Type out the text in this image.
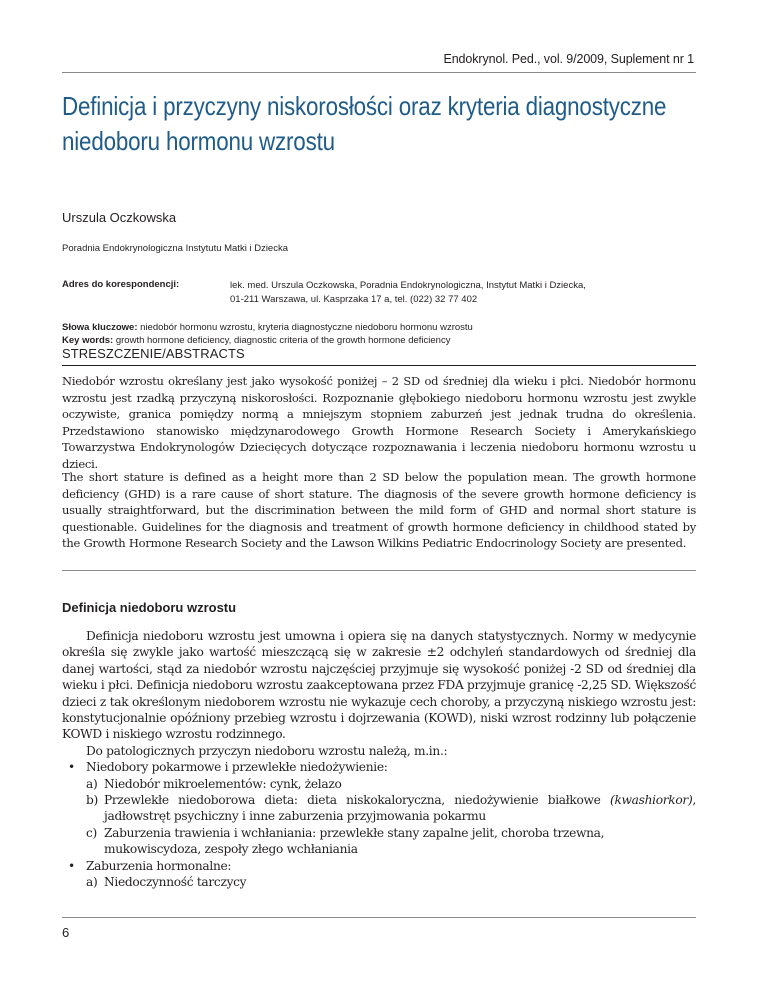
Endokrynol. Ped., vol. 9/2009, Suplement nr 1
Definicja i przyczyny niskorosłości oraz kryteria diagnostyczne
niedoboru hormonu wzrostu
Urszula Oczkowska
Poradnia Endokrynologiczna Instytutu Matki i Dziecka
Adres do korespondencji:	lek. med. Urszula Oczkowska, Poradnia Endokrynologiczna, Instytut Matki i Dziecka,
01-211 Warszawa, ul. Kasprzaka 17 a, tel. (022) 32 77 402
Słowa kluczowe: niedobór hormonu wzrostu, kryteria diagnostyczne niedoboru hormonu wzrostu
Key words: growth hormone deficiency, diagnostic criteria of the growth hormone deficiency
STRESZCZENIE/ABSTRACTS

Niedobór wzrostu określany jest jako wysokość poniżej – 2 SD od średniej dla wieku i płci. Niedobór hormonu wzrostu jest rzadką przyczyną niskorosłości. Rozpoznanie głębokiego niedoboru hormonu wzrostu jest zwykle oczywiste, granica pomiędzy normą a mniejszym stopniem zaburzeń jest jednak trudna do określenia. Przedstawiono stanowisko międzynarodowego Growth Hormone Research Society i Amerykańskiego Towarzystwa Endokrynologów Dziecięcych dotyczące rozpoznawania i leczenia niedoboru hormonu wzrostu u dzieci.

The short stature is defined as a height more than 2 SD below the population mean. The growth hormone deficiency (GHD) is a rare cause of short stature. The diagnosis of the severe growth hormone deficiency is usually straightforward, but the discrimination between the mild form of GHD and normal short stature is questionable. Guidelines for the diagnosis and treatment of growth hormone deficiency in childhood stated by the Growth Hormone Research Society and the Lawson Wilkins Pediatric Endocrinology Society are presented.

Definicja niedoboru wzrostu

Definicja niedoboru wzrostu jest umowna i opiera się na danych statystycznych. Normy w medycynie określa się zwykle jako wartość mieszczącą się w zakresie ±2 odchyleń standardowych od średniej dla danej wartości, stąd za niedobór wzrostu najczęściej przyjmuje się wysokość poniżej -2 SD od średniej dla wieku i płci. Definicja niedoboru wzrostu zaakceptowana przez FDA przyjmuje granicę -2,25 SD. Większość dzieci z tak określonym niedoborem wzrostu nie wykazuje cech choroby, a przyczyną niskiego wzrostu jest: konstytucjonalnie opóźniony przebieg wzrostu i dojrzewania (KOWD), niski wzrost rodzinny lub połączenie KOWD i niskiego wzrostu rodzinnego.

Do patologicznych przyczyn niedoboru wzrostu należą, m.in.:

• Niedobory pokarmowe i przewlekłe niedożywienie:
a) Niedobór mikroelementów: cynk, żelazo
b) Przewlekłe niedoborowa dieta: dieta niskokaloryczna, niedożywienie białkowe (kwashiorkor), jadłowstręt psychiczny i inne zaburzenia przyjmowania pokarmu
c) Zaburzenia trawienia i wchłaniania: przewlekłe stany zapalne jelit, choroba trzewna, mukowiscydoza, zespoły złego wchłaniania
• Zaburzenia hormonalne:
a) Niedoczynność tarczycy
6
